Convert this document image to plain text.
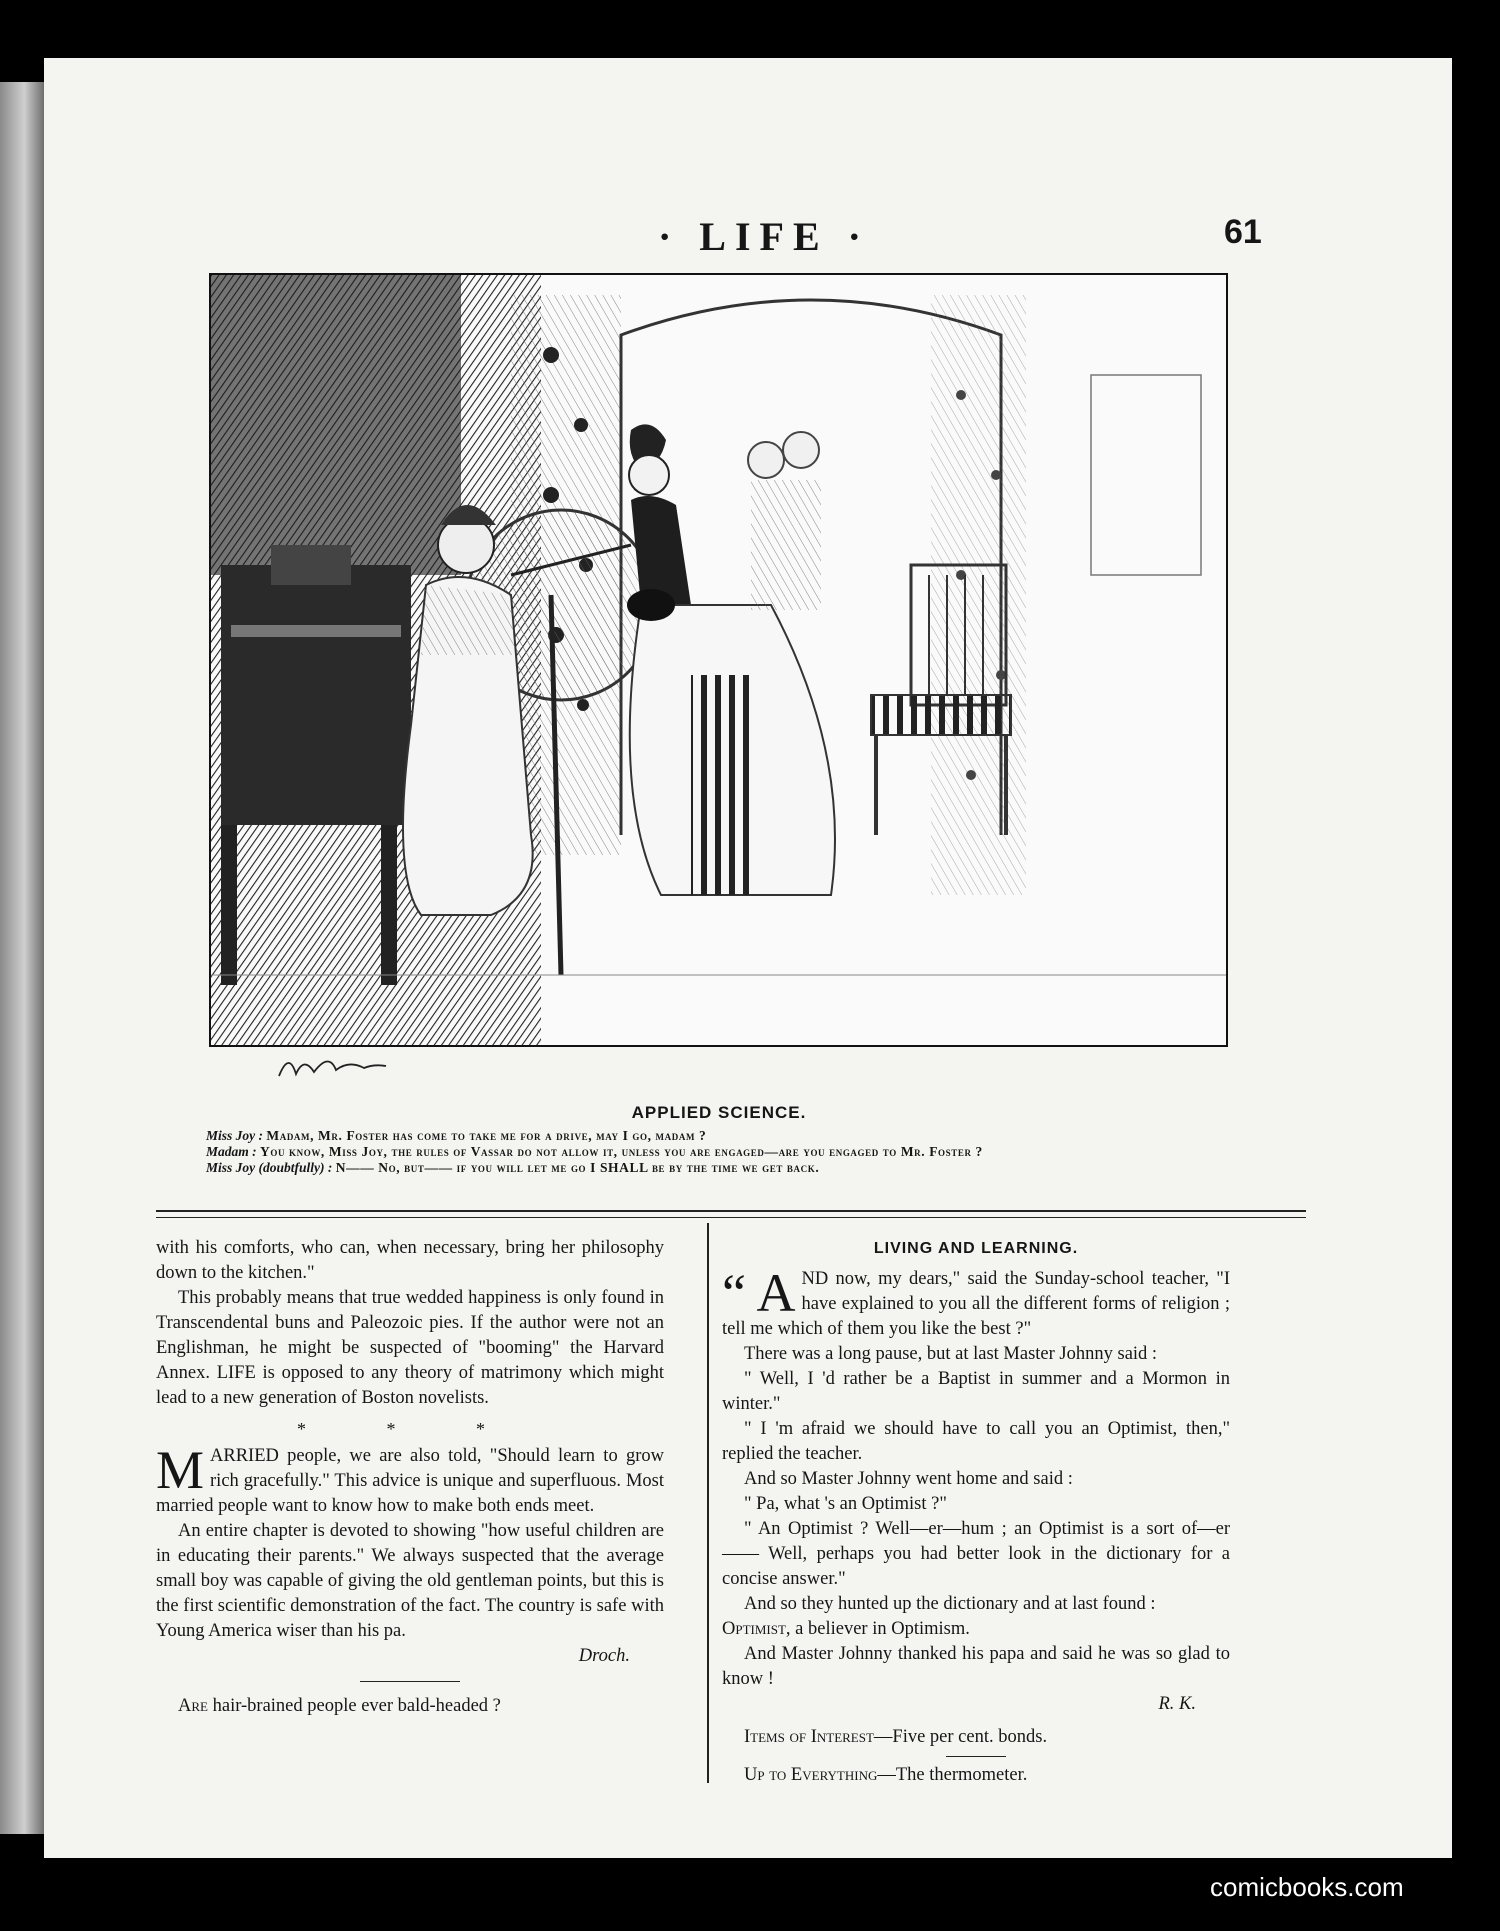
· LIFE ·	61
APPLIED SCIENCE.

Miss Joy : Madam, Mr. Foster has come to take me for a drive, may I go, madam ?

Madam : You know, Miss Joy, the rules of Vassar do not allow it, unless you are engaged—are you engaged to Mr. Foster ?

Miss Joy (doubtfully) : N—— No, but—— if you will let me go I SHALL be by the time we get back.

with his comforts, who can, when necessary, bring her philosophy down to the kitchen."

This probably means that true wedded happiness is only found in Transcendental buns and Paleozoic pies. If the author were not an Englishman, he might be suspected of "booming" the Harvard Annex. LIFE is opposed to any theory of matrimony which might lead to a new generation of Boston novelists.

* * *

MARRIED people, we are also told, "Should learn to grow rich gracefully." This advice is unique and superfluous. Most married people want to know how to make both ends meet.

An entire chapter is devoted to showing "how useful children are in educating their parents." We always suspected that the average small boy was capable of giving the old gentleman points, but this is the first scientific demonstration of the fact. The country is safe with Young America wiser than his pa.

Droch.

Are hair-brained people ever bald-headed ?

LIVING AND LEARNING.

“ A ND now, my dears," said the Sunday-school teacher, "I have explained to you all the different forms of religion ; tell me which of them you like the best ?"

There was a long pause, but at last Master Johnny said :

" Well, I 'd rather be a Baptist in summer and a Mormon in winter."

" I 'm afraid we should have to call you an Optimist, then," replied the teacher.

And so Master Johnny went home and said :

" Pa, what 's an Optimist ?"

" An Optimist ? Well—er—hum ; an Optimist is a sort of—er—— Well, perhaps you had better look in the dictionary for a concise answer."

And so they hunted up the dictionary and at last found :

Optimist, a believer in Optimism.

And Master Johnny thanked his papa and said he was so glad to know !

R. K.

Items of Interest—Five per cent. bonds.

Up to Everything—The thermometer.

comicbooks.com
